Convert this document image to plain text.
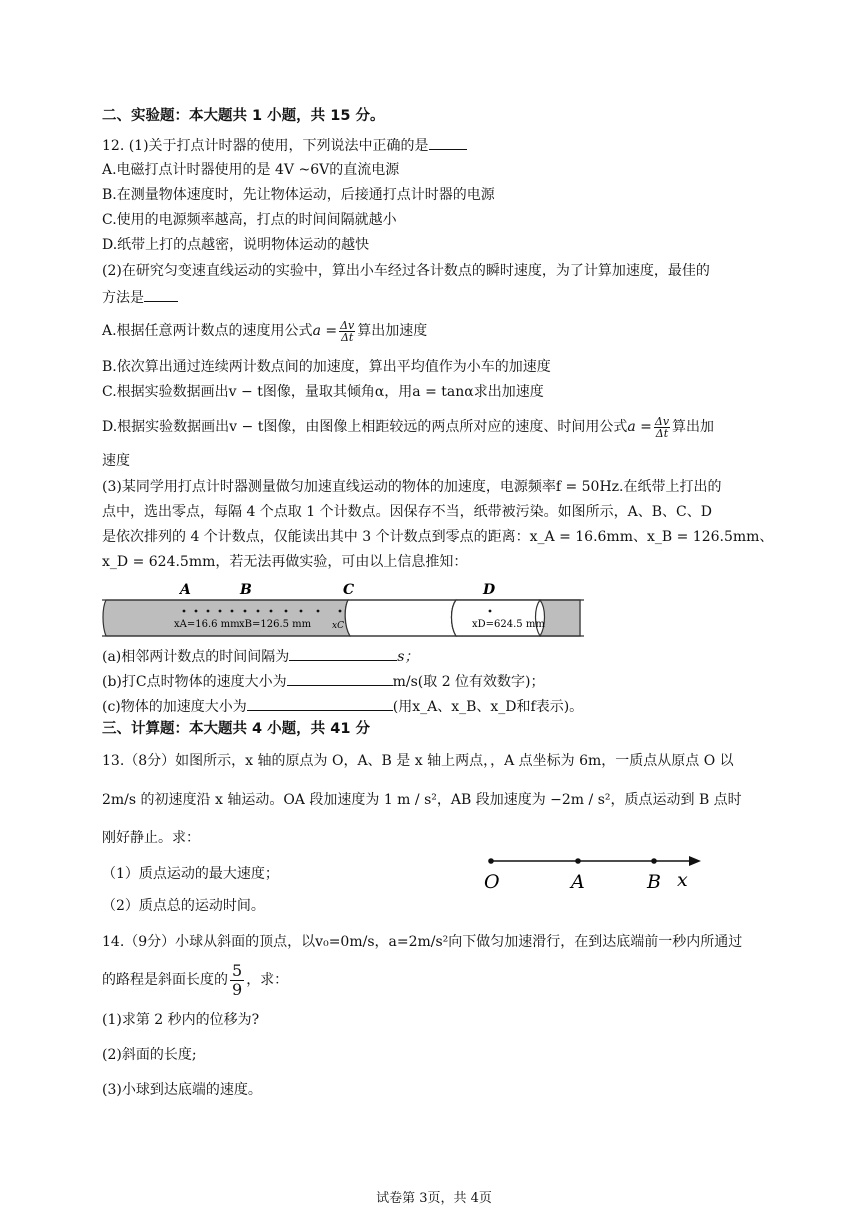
二、实验题：本大题共 1 小题，共 15 分。
12. (1)关于打点计时器的使用，下列说法中正确的是
A.电磁打点计时器使用的是 4V ~6V的直流电源
B.在测量物体速度时，先让物体运动，后接通打点计时器的电源
C.使用的电源频率越高，打点的时间间隔就越小
D.纸带上打的点越密，说明物体运动的越快
(2)在研究匀变速直线运动的实验中，算出小车经过各计数点的瞬时速度，为了计算加速度，最佳的
方法是
A.根据任意两计数点的速度用公式$a = \frac{\Delta v}{\Delta t}$ 算出加速度
B.依次算出通过连续两计数点间的加速度，算出平均值作为小车的加速度
C.根据实验数据画出v − t图像，量取其倾角α，用a = tanα求出加速度
D.根据实验数据画出v − t图像，由图像上相距较远的两点所对应的速度、时间用公式$a = \frac{\Delta v}{\Delta t}$ 算出加
速度
(3)某同学用打点计时器测量做匀加速直线运动的物体的加速度，电源频率f = 50Hz.在纸带上打出的
点中，选出零点，每隔 4 个点取 1 个计数点。因保存不当，纸带被污染。如图所示，A、B、C、D
是依次排列的 4 个计数点，仅能读出其中 3 个计数点到零点的距离：x_A = 16.6mm、x_B = 126.5mm、
x_D = 624.5mm，若无法再做实验，可由以上信息推知：
A	B	C	D
xA=16.6 mm xB=126.5 mm xC	xD=624.5 mm
(a)相邻两计数点的时间间隔为	s；
(b)打C点时物体的速度大小为	m/s(取 2 位有效数字)；
(c)物体的加速度大小为	(用x_A、x_B、x_D和f表示)。
三、计算题：本大题共 4 小题，共 41 分
13.（8分）如图所示，x 轴的原点为 O，A、B 是 x 轴上两点，，A 点坐标为 6m，一质点从原点 O 以
2m/s 的初速度沿 x 轴运动。OA 段加速度为 1 m / s²，AB 段加速度为 −2m / s²，质点运动到 B 点时
刚好静止。求：
（1）质点运动的最大速度；
（2）质点总的运动时间。
O	A	B x
14.（9分）小球从斜面的顶点，以v₀=0m/s，a=2m/s²向下做匀加速滑行，在到达底端前一秒内所通过
的路程是斜面长度的 $\frac{5}{9}$ ，求：
(1)求第 2 秒内的位移为?
(2)斜面的长度;
(3)小球到达底端的速度。
试卷第 3页，共 4页
